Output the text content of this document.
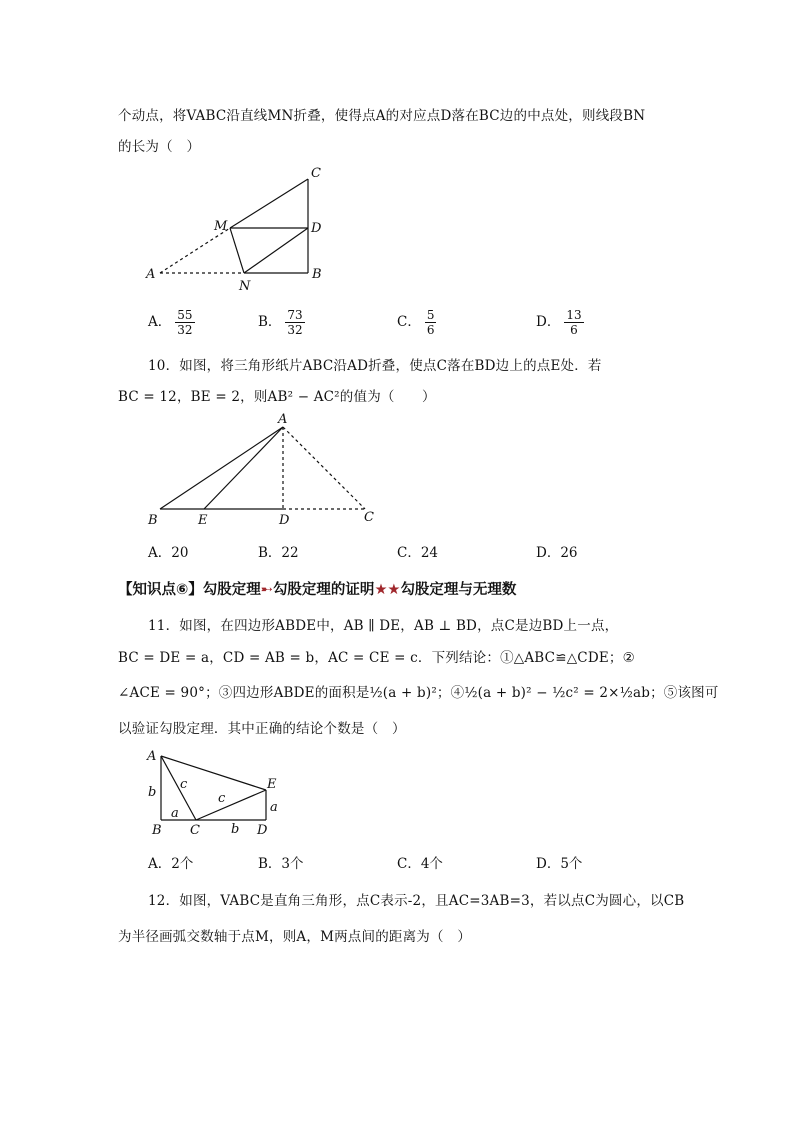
个动点，将VABC沿直线MN折叠，使得点A的对应点D落在BC边的中点处，则线段BN
的长为（　）
C
M	D
A	B
N
A． $\frac{55}{32}$	B． $\frac{73}{32}$	C． $\frac{5}{6}$	D． $\frac{13}{6}$
10．如图，将三角形纸片ABC沿AD折叠，使点C落在BD边上的点E处．若
BC = 12，BE = 2，则AB² − AC²的值为（　　）
A
B	E	D	C
A．20	B．22	C．24	D．26
【知识点⑥】勾股定理➸勾股定理的证明★★勾股定理与无理数
11．如图，在四边形ABDE中，AB ∥ DE，AB ⊥ BD，点C是边BD上一点，
BC = DE = a，CD = AB = b，AC = CE = c．下列结论：①△ABC≌△CDE；②
∠ACE = 90°；③四边形ABDE的面积是½(a + b)²；④½(a + b)² − ½c² = 2×½ab；⑤该图可
以验证勾股定理．其中正确的结论个数是（　）
A
E
b
c
c
a	a
B C b D
A．2个	B．3个	C．4个	D．5个
12．如图，VABC是直角三角形，点C表示-2，且AC=3AB=3，若以点C为圆心，以CB
为半径画弧交数轴于点M，则A，M两点间的距离为（　）
